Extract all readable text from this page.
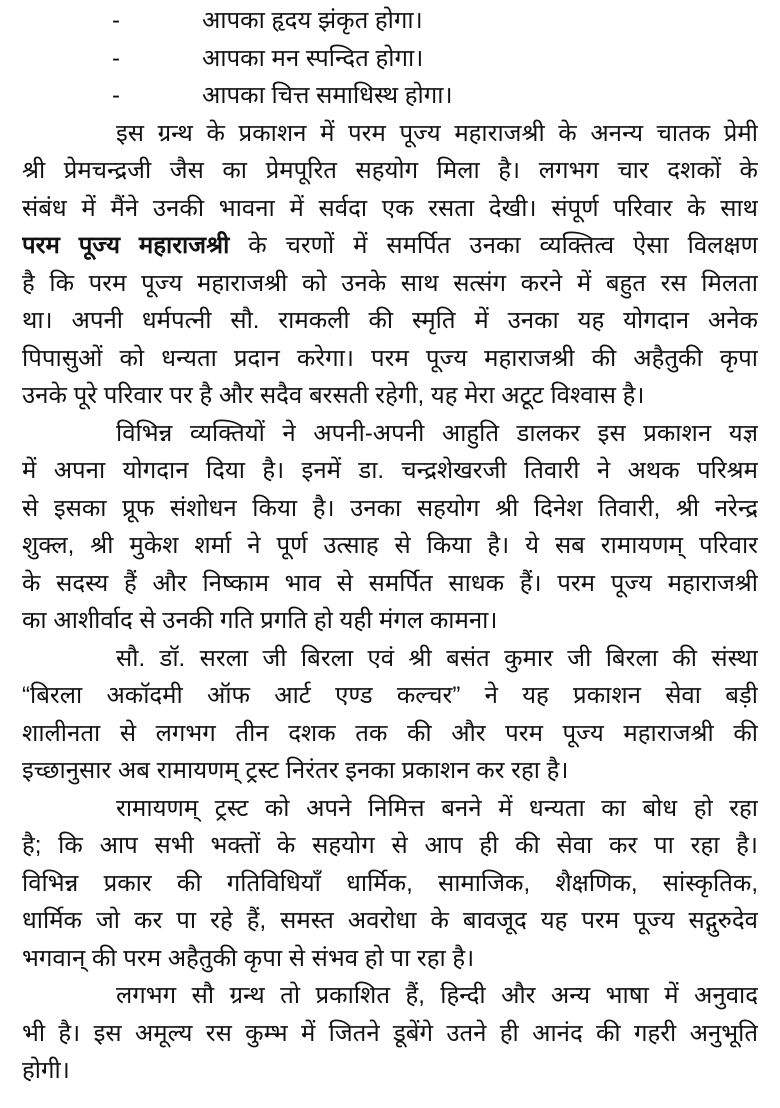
-	आपका हृदय झंकृत होगा।
-	आपका मन स्पन्दित होगा।
-	आपका चित्त समाधिस्थ होगा।
इस ग्रन्थ के प्रकाशन में परम पूज्य महाराजश्री के अनन्य चातक प्रेमी
श्री प्रेमचन्द्रजी जैस का प्रेमपूरित सहयोग मिला है। लगभग चार दशकों के
संबंध में मैंने उनकी भावना में सर्वदा एक रसता देखी। संपूर्ण परिवार के साथ
परम पूज्य महाराजश्री के चरणों में समर्पित उनका व्यक्तित्व ऐसा विलक्षण
है कि परम पूज्य महाराजश्री को उनके साथ सत्संग करने में बहुत रस मिलता
था। अपनी धर्मपत्नी सौ. रामकली की स्मृति में उनका यह योगदान अनेक
पिपासुओं को धन्यता प्रदान करेगा। परम पूज्य महाराजश्री की अहैतुकी कृपा
उनके पूरे परिवार पर है और सदैव बरसती रहेगी, यह मेरा अटूट विश्वास है।
विभिन्न व्यक्तियों ने अपनी-अपनी आहुति डालकर इस प्रकाशन यज्ञ
में अपना योगदान दिया है। इनमें डा. चन्द्रशेखरजी तिवारी ने अथक परिश्रम
से इसका प्रूफ संशोधन किया है। उनका सहयोग श्री दिनेश तिवारी, श्री नरेन्द्र
शुक्ल, श्री मुकेश शर्मा ने पूर्ण उत्साह से किया है। ये सब रामायणम् परिवार
के सदस्य हैं और निष्काम भाव से समर्पित साधक हैं। परम पूज्य महाराजश्री
का आशीर्वाद से उनकी गति प्रगति हो यही मंगल कामना।
सौ. डॉ. सरला जी बिरला एवं श्री बसंत कुमार जी बिरला की संस्था
“बिरला अकॉदमी ऑफ आर्ट एण्ड कल्चर” ने यह प्रकाशन सेवा बड़ी
शालीनता से लगभग तीन दशक तक की और परम पूज्य महाराजश्री की
इच्छानुसार अब रामायणम् ट्रस्ट निरंतर इनका प्रकाशन कर रहा है।
रामायणम् ट्रस्ट को अपने निमित्त बनने में धन्यता का बोध हो रहा
है; कि आप सभी भक्तों के सहयोग से आप ही की सेवा कर पा रहा है।
विभिन्न प्रकार की गतिविधियाँ धार्मिक, सामाजिक, शैक्षणिक, सांस्कृतिक,
धार्मिक जो कर पा रहे हैं, समस्त अवरोधा के बावजूद यह परम पूज्य सद्गुरुदेव
भगवान् की परम अहैतुकी कृपा से संभव हो पा रहा है।
लगभग सौ ग्रन्थ तो प्रकाशित हैं, हिन्दी और अन्य भाषा में अनुवाद
भी है। इस अमूल्य रस कुम्भ में जितने डूबेंगे उतने ही आनंद की गहरी अनुभूति
होगी।
